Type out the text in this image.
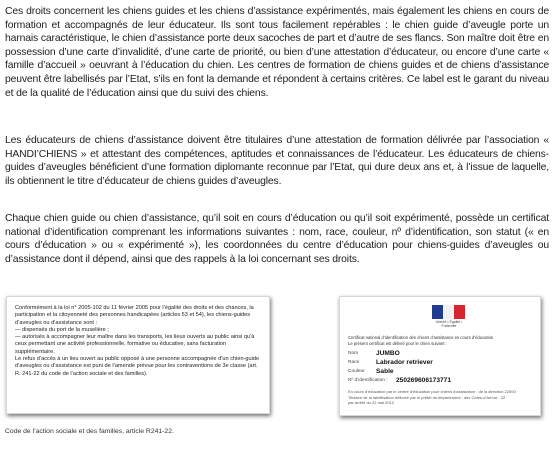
Ces droits concernent les chiens guides et les chiens d’assistance expérimentés, mais également les chiens en cours de formation et accompagnés de leur éducateur. Ils sont tous facilement repérables : le chien guide d’aveugle porte un harnais caractéristique, le chien d’assistance porte deux sacoches de part et d’autre de ses flancs. Son maître doit être en possession d’une carte d’invalidité, d’une carte de priorité, ou bien d’une attestation d’éducateur, ou encore d’une carte « famille d’accueil » oeuvrant à l’éducation du chien. Les centres de formation de chiens guides et de chiens d’assistance peuvent être labellisés par l’Etat, s’ils en font la demande et répondent à certains critères. Ce label est le garant du niveau et de la qualité de l’éducation ainsi que du suivi des chiens.

Les éducateurs de chiens d’assistance doivent être titulaires d’une attestation de formation délivrée par l’association « HANDI’CHIENS » et attestant des compétences, aptitudes et connaissances de l’éducateur. Les éducateurs de chiens-guides d’aveugles bénéficient d’une formation diplomante reconnue par l’Etat, qui dure deux ans et, à l’issue de laquelle, ils obtiennent le titre d’éducateur de chiens guides d’aveugles.

Chaque chien guide ou chien d’assistance, qu’il soit en cours d’éducation ou qu’il soit expérimenté, possède un certificat national d’identification comprenant les informations suivantes : nom, race, couleur, nº d’identification, son statut (« en cours d’éducation » ou « expérimenté »), les coordonnées du centre d’éducation pour chiens-guides d’aveugles ou d’assistance dont il dépend, ainsi que des rappels à la loi concernant ses droits.

Conformément à la loi n° 2005-102 du 11 février 2005 pour l’égalité des droits et des chances, la participation et la citoyenneté des personnes handicapées (articles 53 et 54), les chiens-guides d’aveugles ou d’assistance sont :

— dispensés du port de la muselière ;

— autorisés à accompagner leur maître dans les transports, les lieux ouverts au public ainsi qu’à ceux permettant une activité professionnelle, formative ou éducative, sans facturation supplémentaire.

Le refus d’accès à un lieu ouvert au public opposé à une personne accompagnée d’un chien-guide d’aveugles ou d’assistance est puni de l’amende prévue pour les contraventions de 3e classe (art. R. 241-22 du code de l’action sociale et des familles).

Liberté • Égalité • Fraternité
Certificat national d’identification des chiens d’assistance en cours d’éducation
Le présent certificat est délivré pour le chien suivant :
Nom	JUMBO
Race	Labrador retriever
Couleur Sable
Nº d’identification : 250269606173771
En cours d’éducation par le centre d’éducation pour chiens d’assistance : de la direction 22000
Titulaire de la labellisation délivrée par le préfet du département : des Côtes-d’Armor - 22
par arrêté du 22 mai 2012

Code de l’action sociale et des familles, article R241-22.
